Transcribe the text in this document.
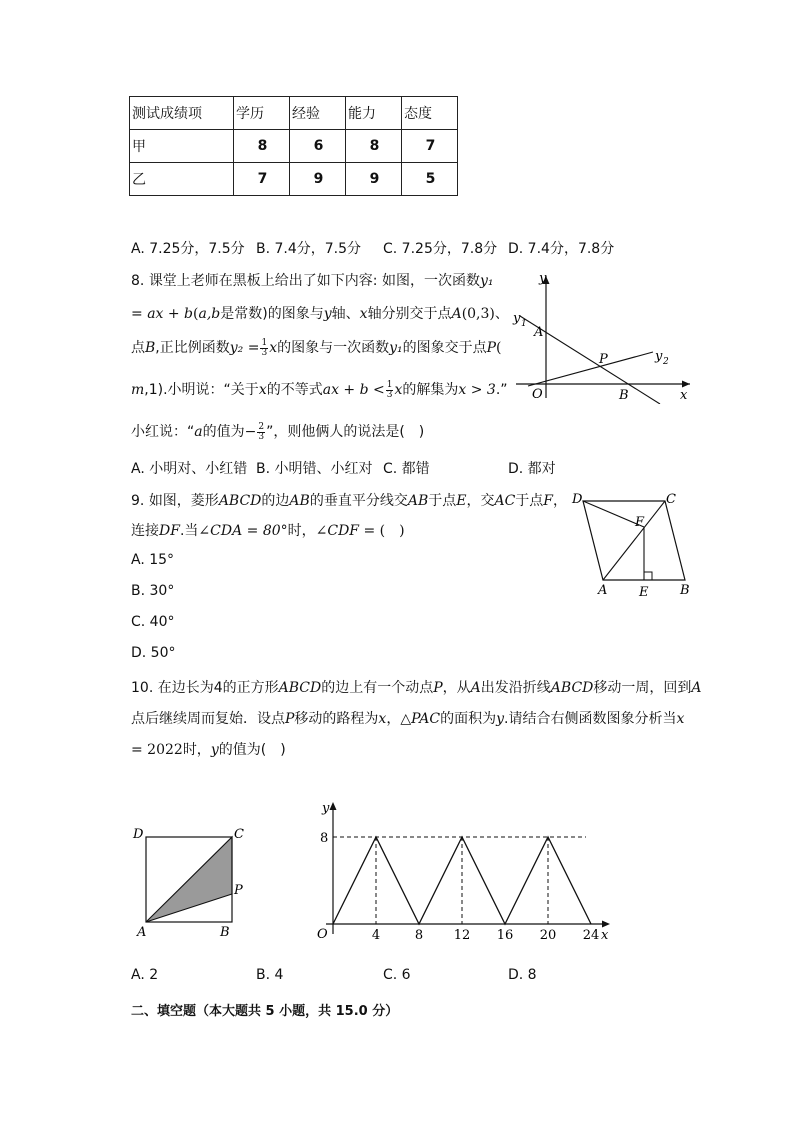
测试成绩项	学历	经验	能力	态度
甲	8	6	8	7
乙	7	9	9	5
A. 7.25分，7.5分 B. 7.4分，7.5分 C. 7.25分，7.8分 D. 7.4分，7.8分
8. 课堂上老师在黑板上给出了如下内容: 如图，一次函数y₁
= ax + b(a,b是常数)的图象与y轴、x轴分别交于点A(0,3)、
点B,正比例函数$y_2 = \frac{1}{3}$ x的图象与一次函数y₁的图象交于点P(
m,1).小明说：“关于x的不等式ax + $b < \frac{1}{3}$ x的解集为x > 3.”
小红说：“a的值为− $\frac{2}{3}$ ”，则他俩人的说法是(　)
A. 小明对、小红错 B. 小明错、小红对 C. 都错	D. 都对
y
x
O
y 1
y 2
A
B
P
9. 如图，菱形ABCD的边AB的垂直平分线交AB于点E，交AC于点F，
连接DF.当∠CDA = 80°时，∠CDF = (　)
A. 15°
B. 30°
C. 40°
D. 50°
D	C
F
A E B
10. 在边长为4的正方形ABCD的边上有一个动点P，从A出发沿折线ABCD移动一周，回到A
点后继续周而复始．设点P移动的路程为x，△PAC的面积为y.请结合右侧函数图象分析当x
= 2022时，y的值为(　)
D	C
P
A	B	4	8 12 16 20 24
y
x
O
8
A. 2	B. 4	C. 6	D. 8
二、填空题（本大题共 5 小题，共 15.0 分）
